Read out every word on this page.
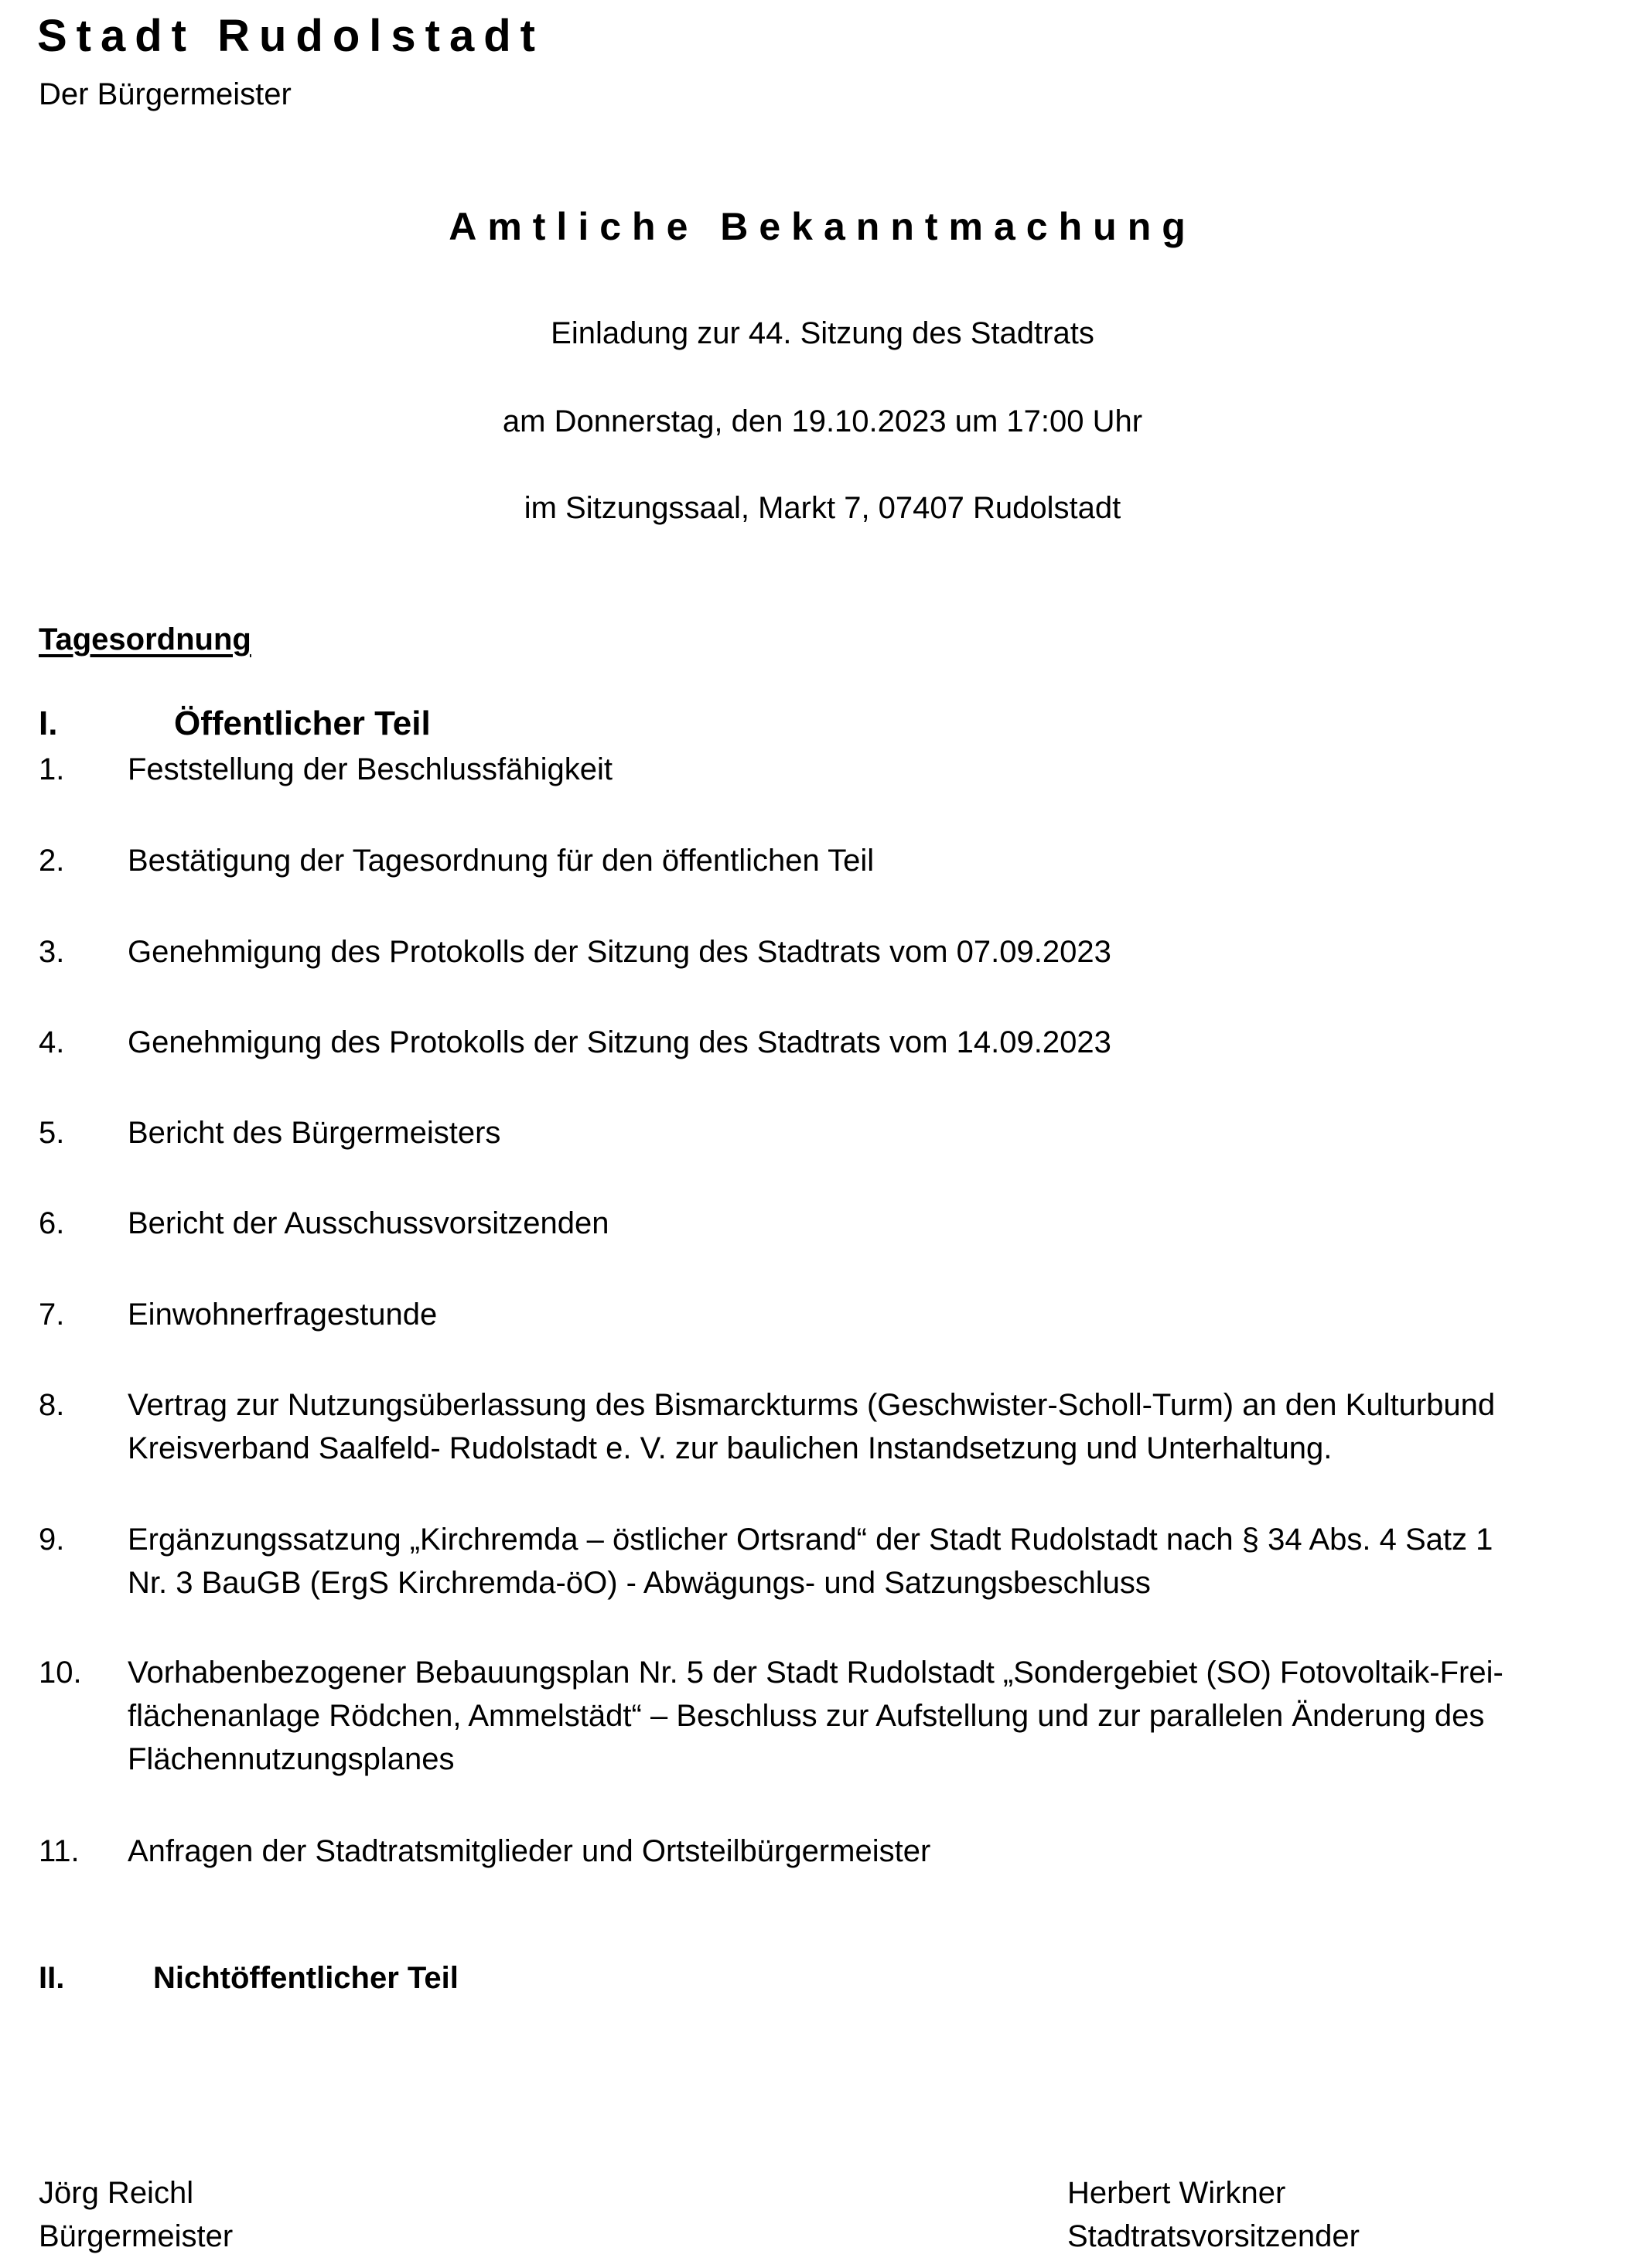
Stadt Rudolstadt
Der Bürgermeister
Amtliche Bekanntmachung
Einladung zur 44. Sitzung des Stadtrats
am Donnerstag, den 19.10.2023 um 17:00 Uhr
im Sitzungssaal, Markt 7, 07407 Rudolstadt
Tagesordnung
I.	Öffentlicher Teil
1. Feststellung der Beschlussfähigkeit
2. Bestätigung der Tagesordnung für den öffentlichen Teil
3. Genehmigung des Protokolls der Sitzung des Stadtrats vom 07.09.2023
4. Genehmigung des Protokolls der Sitzung des Stadtrats vom 14.09.2023
5. Bericht des Bürgermeisters
6. Bericht der Ausschussvorsitzenden
7. Einwohnerfragestunde
8. Vertrag zur Nutzungsüberlassung des Bismarckturms (Geschwister-Scholl-Turm) an den Kulturbund
Kreisverband Saalfeld- Rudolstadt e. V. zur baulichen Instandsetzung und Unterhaltung.
9. Ergänzungssatzung „Kirchremda – östlicher Ortsrand“ der Stadt Rudolstadt nach § 34 Abs. 4 Satz 1
Nr. 3 BauGB (ErgS Kirchremda-öO) - Abwägungs- und Satzungsbeschluss
10. Vorhabenbezogener Bebauungsplan Nr. 5 der Stadt Rudolstadt „Sondergebiet (SO) Fotovoltaik-Frei-
flächenanlage Rödchen, Ammelstädt“ – Beschluss zur Aufstellung und zur parallelen Änderung des
Flächennutzungsplanes
11. Anfragen der Stadtratsmitglieder und Ortsteilbürgermeister
II.	Nichtöffentlicher Teil
Jörg Reichl
Bürgermeister
Herbert Wirkner
Stadtratsvorsitzender
